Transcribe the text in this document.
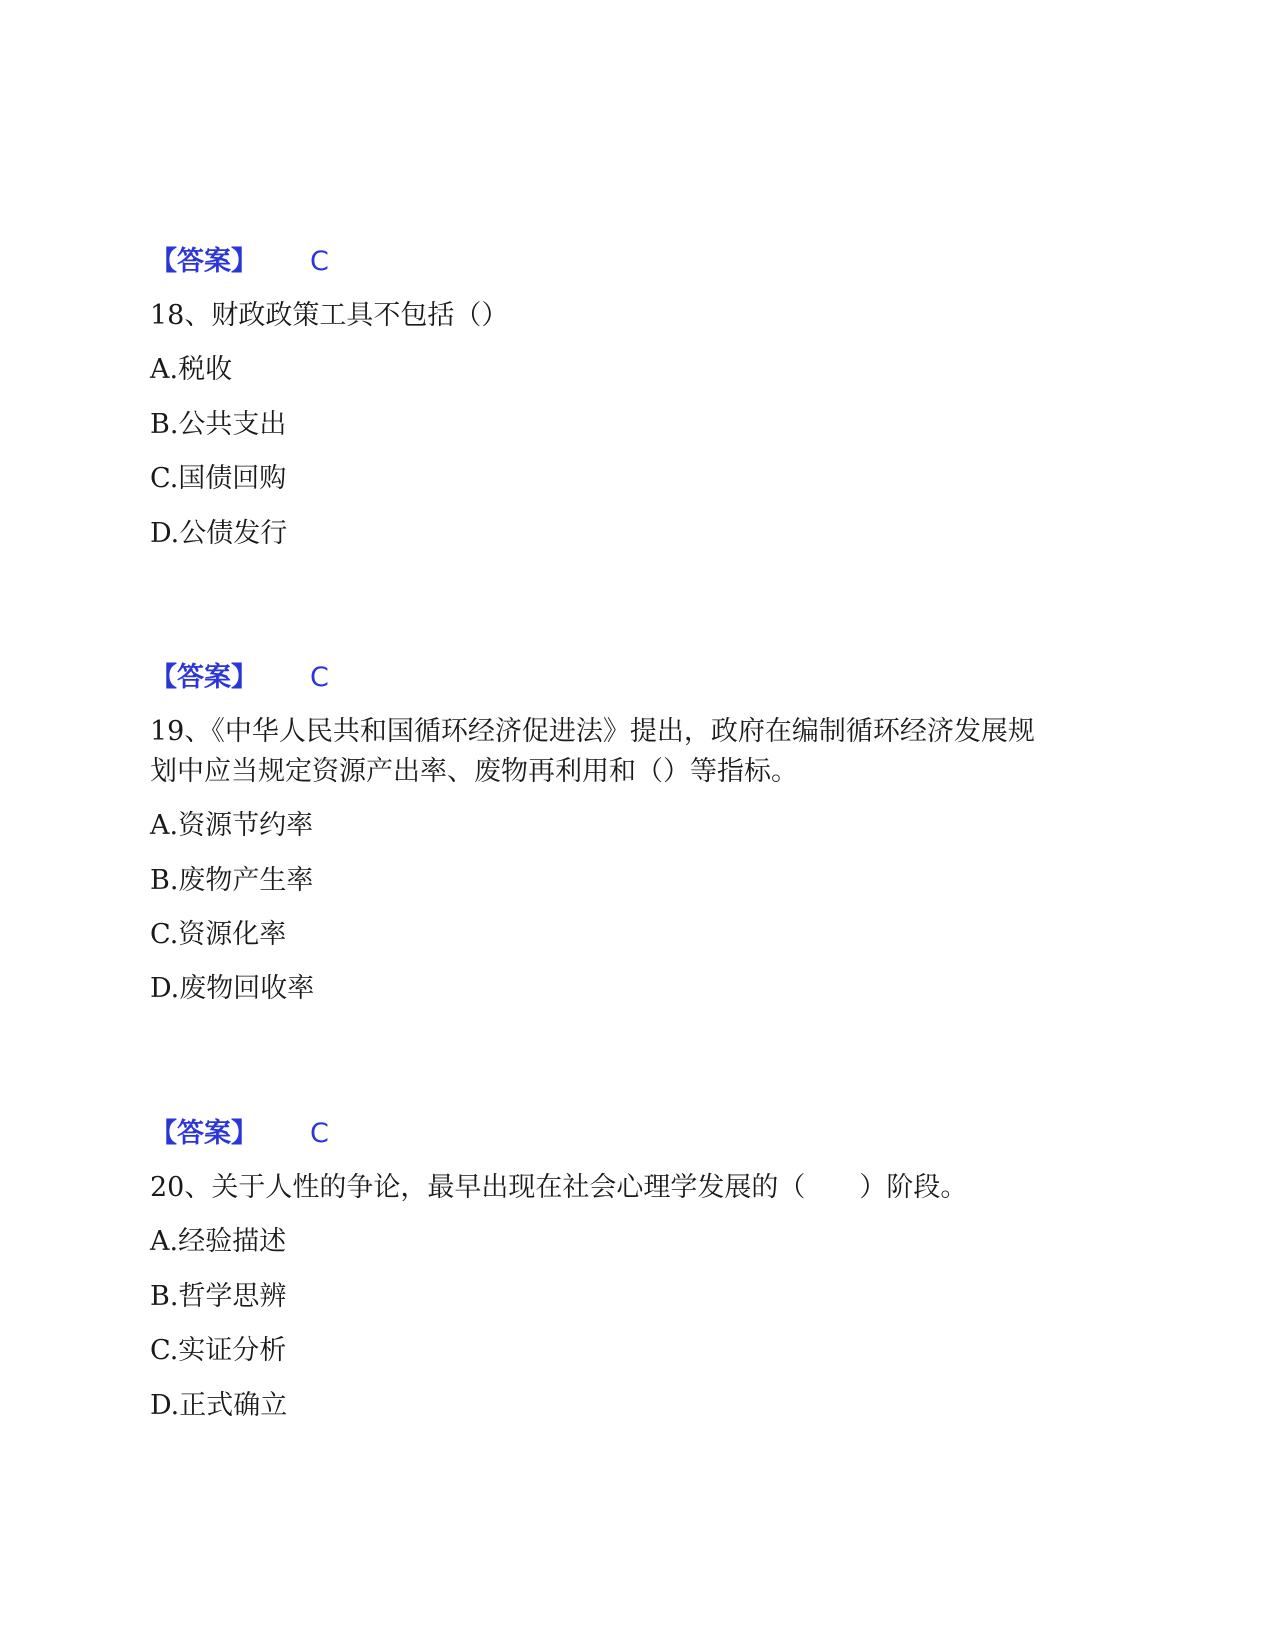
【答案】 C
18、财政政策工具不包括（）
A.税收
B.公共支出
C.国债回购
D.公债发行
【答案】 C
19、《中华人民共和国循环经济促进法》提出，政府在编制循环经济发展规
划中应当规定资源产出率、废物再利用和（）等指标。
A.资源节约率
B.废物产生率
C.资源化率
D.废物回收率
【答案】 C
20、关于人性的争论，最早出现在社会心理学发展的（　　）阶段。
A.经验描述
B.哲学思辨
C.实证分析
D.正式确立
